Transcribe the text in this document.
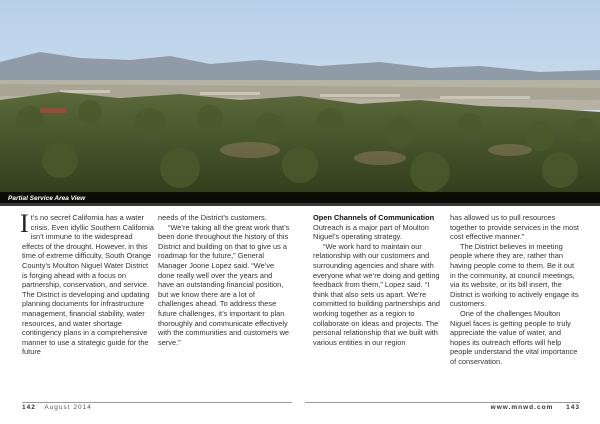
Partial Service Area View
I t’s no secret California has a water crisis. Even idyllic Southern California isn’t immune to the widespread effects of the drought. However, in this time of extreme difficulty, South Orange County’s Moulton Niguel Water District is forging ahead with a focus on partnership, conservation, and service. The District is developing and updating planning documents for infrastructure management, financial stability, water resources, and water shortage contingency plans in a comprehensive manner to use a strategic guide for the future

needs of the District’s customers.

“We’re taking all the great work that’s been done throughout the history of this District and building on that to give us a roadmap for the future,” General Manager Joone Lopez said. “We’ve done really well over the years and have an outstanding financial position, but we know there are a lot of challenges ahead. To address these future challenges, it’s important to plan thoroughly and communicate effectively with the communities and customers we serve.”

Open Channels of Communication

Outreach is a major part of Moulton Niguel’s operating strategy.

“We work hard to maintain our relationship with our customers and surrounding agencies and share with everyone what we’re doing and getting feedback from them,” Lopez said. “I think that also sets us apart. We’re committed to building partnerships and working together as a region to collaborate on ideas and projects. The personal relationship that we built with various entities in our region

has allowed us to pull resources together to provide services in the most cost effective manner.”

The District believes in meeting people where they are, rather than having people come to them. Be it out in the community, at council meetings, via its website, or its bill insert, the District is working to actively engage its customers.

One of the challenges Moulton Niguel faces is getting people to truly appreciate the value of water, and hopes its outreach efforts will help people understand the vital importance of conservation.

142 August 2014	www.mnwd.com 143
